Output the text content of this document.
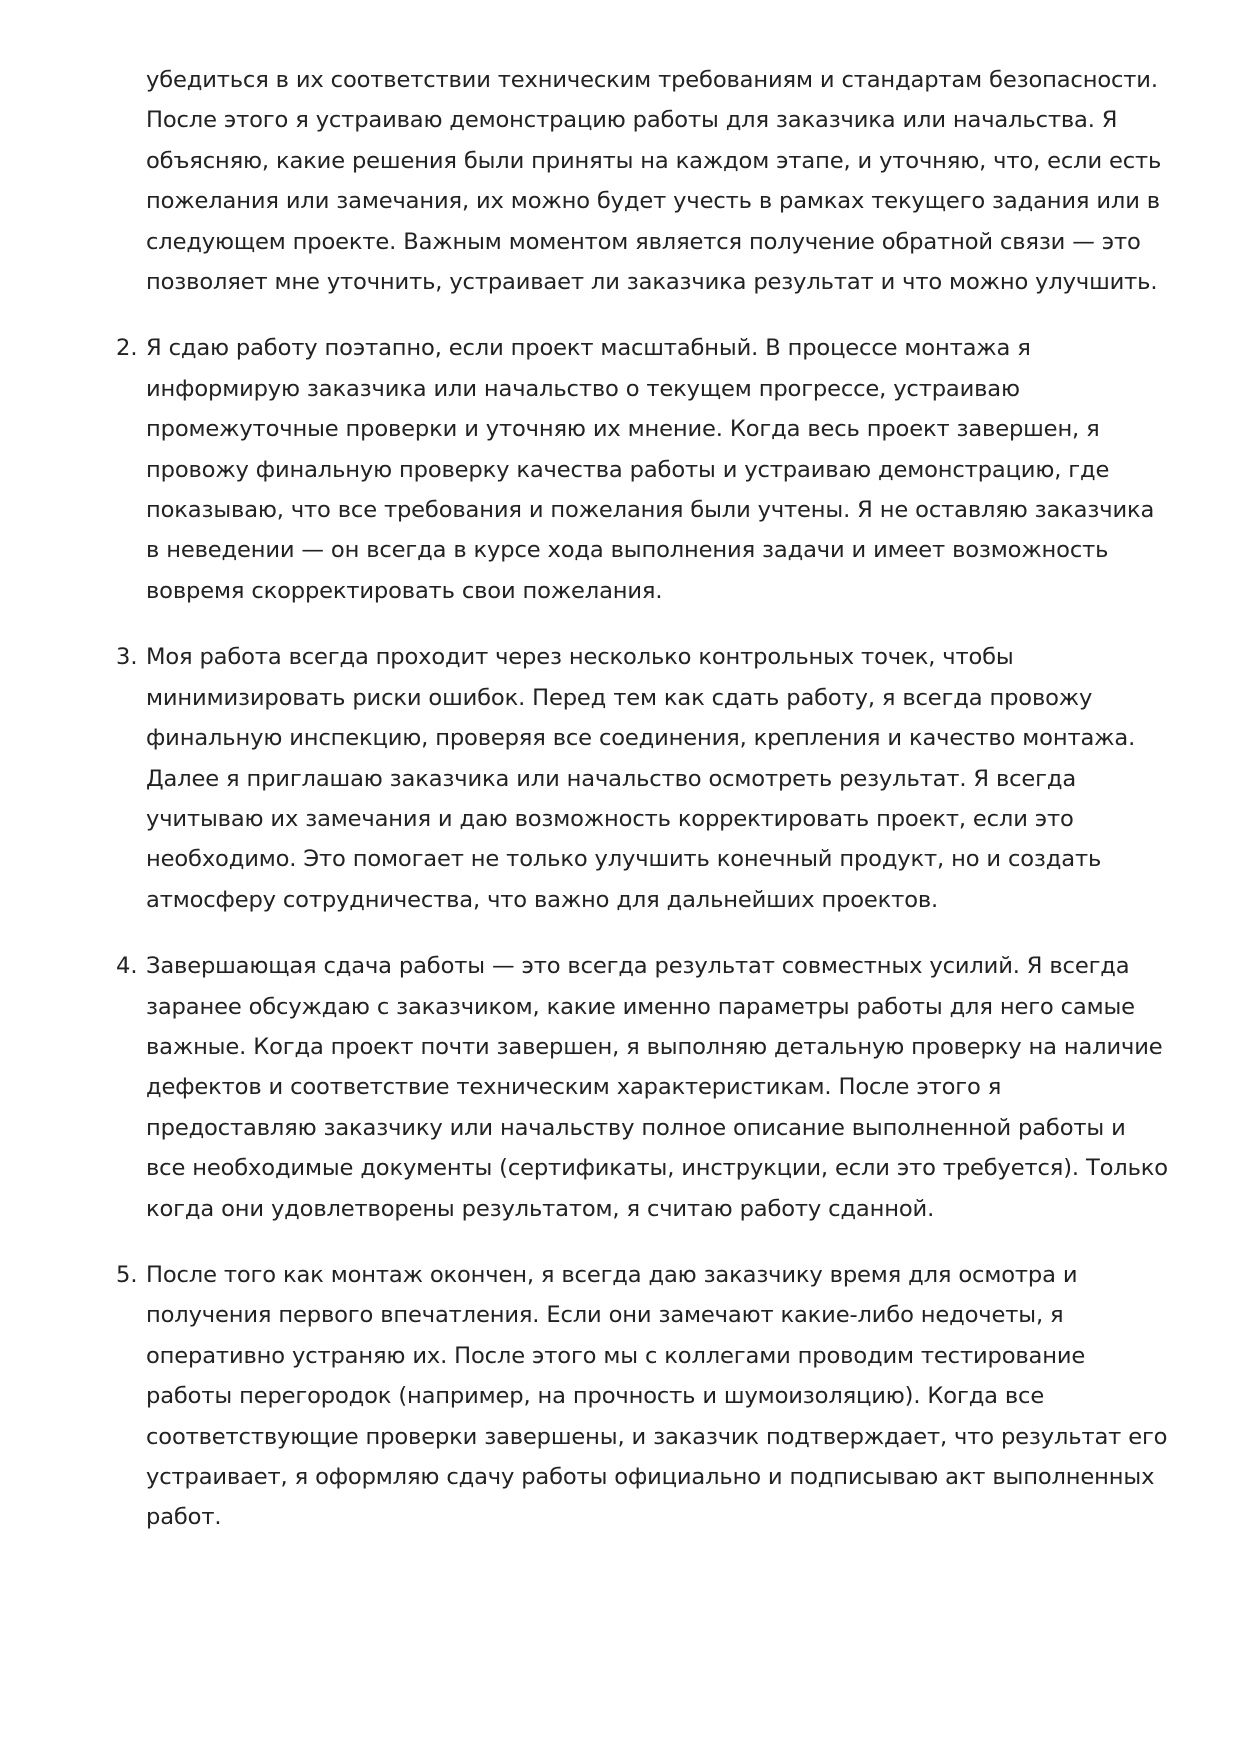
убедиться в их соответствии техническим требованиям и стандартам безопасности. После этого я устраиваю демонстрацию работы для заказчика или начальства. Я объясняю, какие решения были приняты на каждом этапе, и уточняю, что, если есть пожелания или замечания, их можно будет учесть в рамках текущего задания или в следующем проекте. Важным моментом является получение обратной связи — это позволяет мне уточнить, устраивает ли заказчика результат и что можно улучшить.

2. Я сдаю работу поэтапно, если проект масштабный. В процессе монтажа я информирую заказчика или начальство о текущем прогрессе, устраиваю промежуточные проверки и уточняю их мнение. Когда весь проект завершен, я провожу финальную проверку качества работы и устраиваю демонстрацию, где показываю, что все требования и пожелания были учтены. Я не оставляю заказчика в неведении — он всегда в курсе хода выполнения задачи и имеет возможность вовремя скорректировать свои пожелания.

3. Моя работа всегда проходит через несколько контрольных точек, чтобы минимизировать риски ошибок. Перед тем как сдать работу, я всегда провожу финальную инспекцию, проверяя все соединения, крепления и качество монтажа. Далее я приглашаю заказчика или начальство осмотреть результат. Я всегда учитываю их замечания и даю возможность корректировать проект, если это необходимо. Это помогает не только улучшить конечный продукт, но и создать атмосферу сотрудничества, что важно для дальнейших проектов.

4. Завершающая сдача работы — это всегда результат совместных усилий. Я всегда заранее обсуждаю с заказчиком, какие именно параметры работы для него самые важные. Когда проект почти завершен, я выполняю детальную проверку на наличие дефектов и соответствие техническим характеристикам. После этого я предоставляю заказчику или начальству полное описание выполненной работы и все необходимые документы (сертификаты, инструкции, если это требуется). Только когда они удовлетворены результатом, я считаю работу сданной.

5. После того как монтаж окончен, я всегда даю заказчику время для осмотра и получения первого впечатления. Если они замечают какие-либо недочеты, я оперативно устраняю их. После этого мы с коллегами проводим тестирование работы перегородок (например, на прочность и шумоизоляцию). Когда все соответствующие проверки завершены, и заказчик подтверждает, что результат его устраивает, я оформляю сдачу работы официально и подписываю акт выполненных работ.
